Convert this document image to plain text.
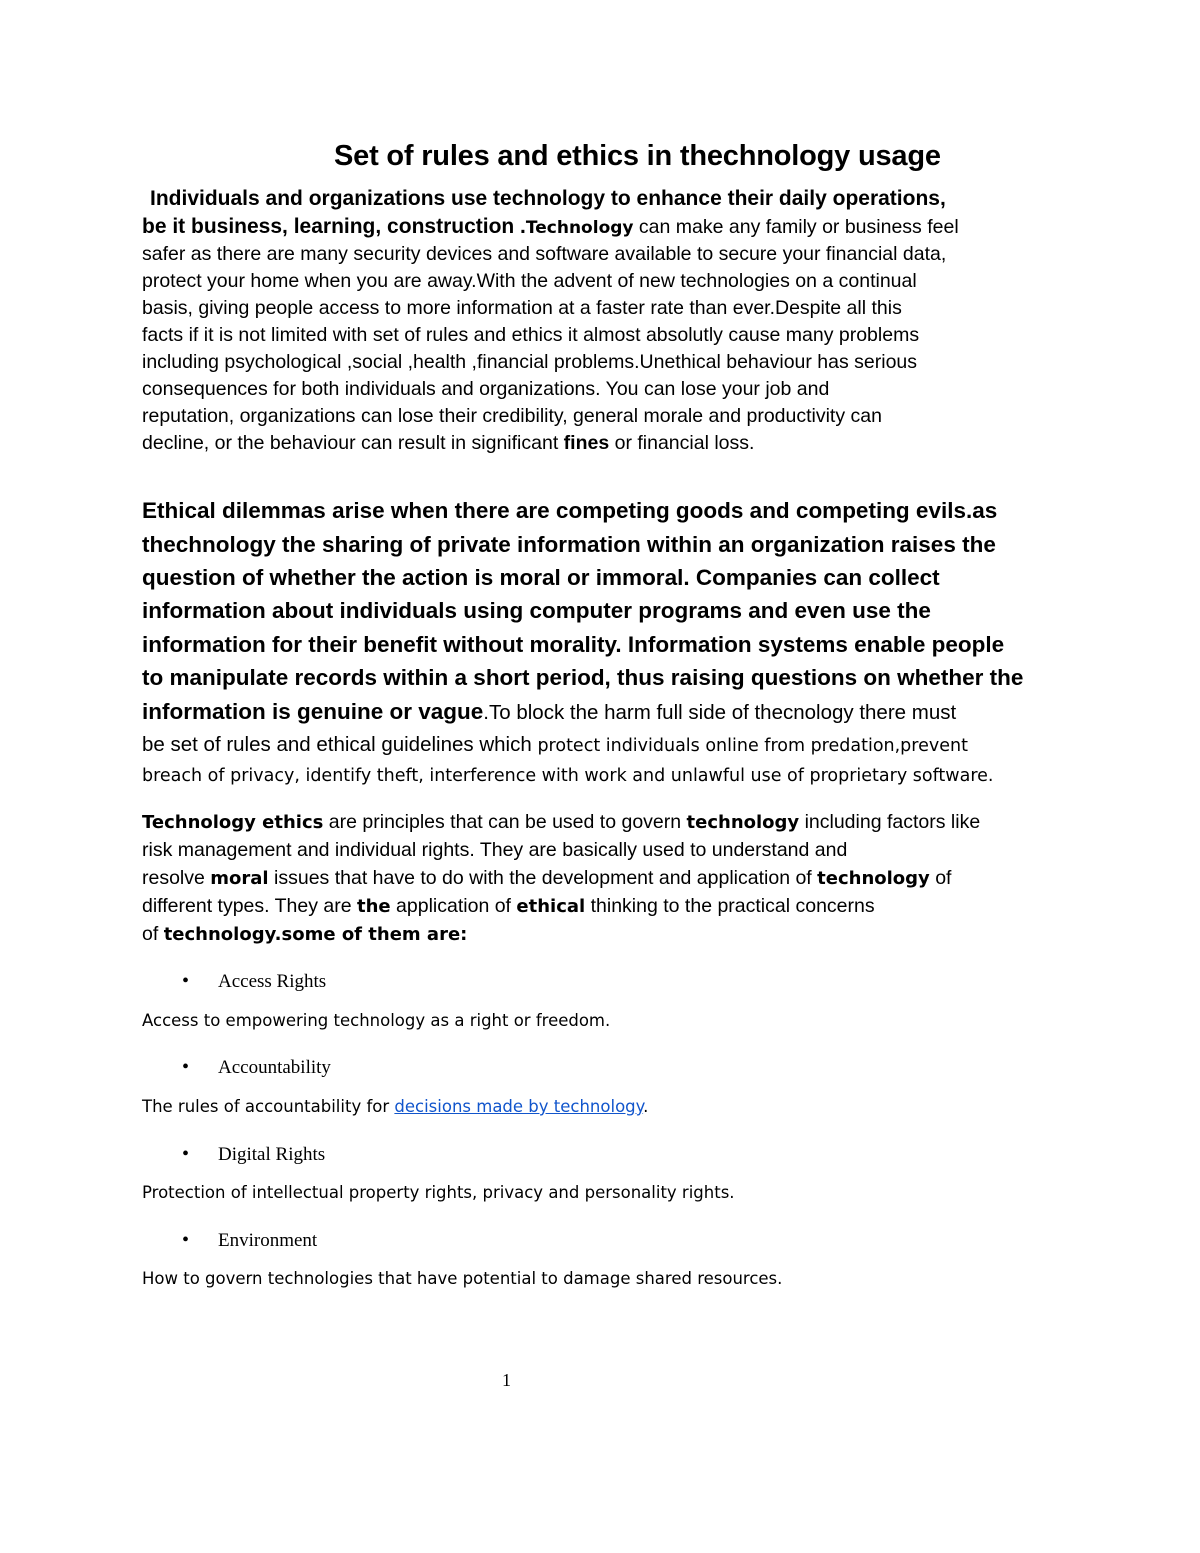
Set of rules and ethics in thechnology usage
Individuals and organizations use technology to enhance their daily operations,
be it business, learning, construction .Technology can make any family or business feel
safer as there are many security devices and software available to secure your financial data,
protect your home when you are away.With the advent of new technologies on a continual
basis, giving people access to more information at a faster rate than ever.Despite all this
facts if it is not limited with set of rules and ethics it almost absolutly cause many problems
including psychological ,social ,health ,financial problems.Unethical behaviour has serious
consequences for both individuals and organizations. You can lose your job and
reputation, organizations can lose their credibility, general morale and productivity can
decline, or the behaviour can result in significant fines or financial loss.
Ethical dilemmas arise when there are competing goods and competing evils.as
thechnology the sharing of private information within an organization raises the
question of whether the action is moral or immoral. Companies can collect
information about individuals using computer programs and even use the
information for their benefit without morality. Information systems enable people
to manipulate records within a short period, thus raising questions on whether the
information is genuine or vague.To block the harm full side of thecnology there must
be set of rules and ethical guidelines which protect individuals online from predation,prevent
breach of privacy, identify theft, interference with work and unlawful use of proprietary software.
Technology ethics are principles that can be used to govern technology including factors like
risk management and individual rights. They are basically used to understand and
resolve moral issues that have to do with the development and application of technology of
different types. They are the application of ethical thinking to the practical concerns
of technology.some of them are:
• Access Rights
Access to empowering technology as a right or freedom.
• Accountability
The rules of accountability for decisions made by technology.
• Digital Rights
Protection of intellectual property rights, privacy and personality rights.
• Environment
How to govern technologies that have potential to damage shared resources.
1
